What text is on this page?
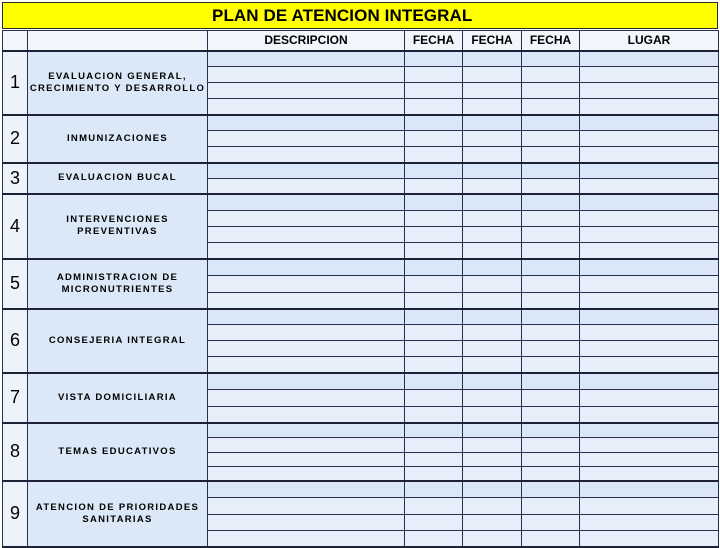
PLAN DE ATENCION INTEGRAL
		DESCRIPCION	FECHA	FECHA	FECHA	LUGAR
1	EVALUACION GENERAL,
CRECIMIENTO Y DESARROLLO					

2	INMUNIZACIONES					

3	EVALUACION BUCAL					

4	INTERVENCIONES
PREVENTIVAS					

5	ADMINISTRACION DE
MICRONUTRIENTES					

6	CONSEJERIA INTEGRAL					

7	VISTA DOMICILIARIA					

8	TEMAS EDUCATIVOS					

9	ATENCION DE PRIORIDADES
SANITARIAS					
